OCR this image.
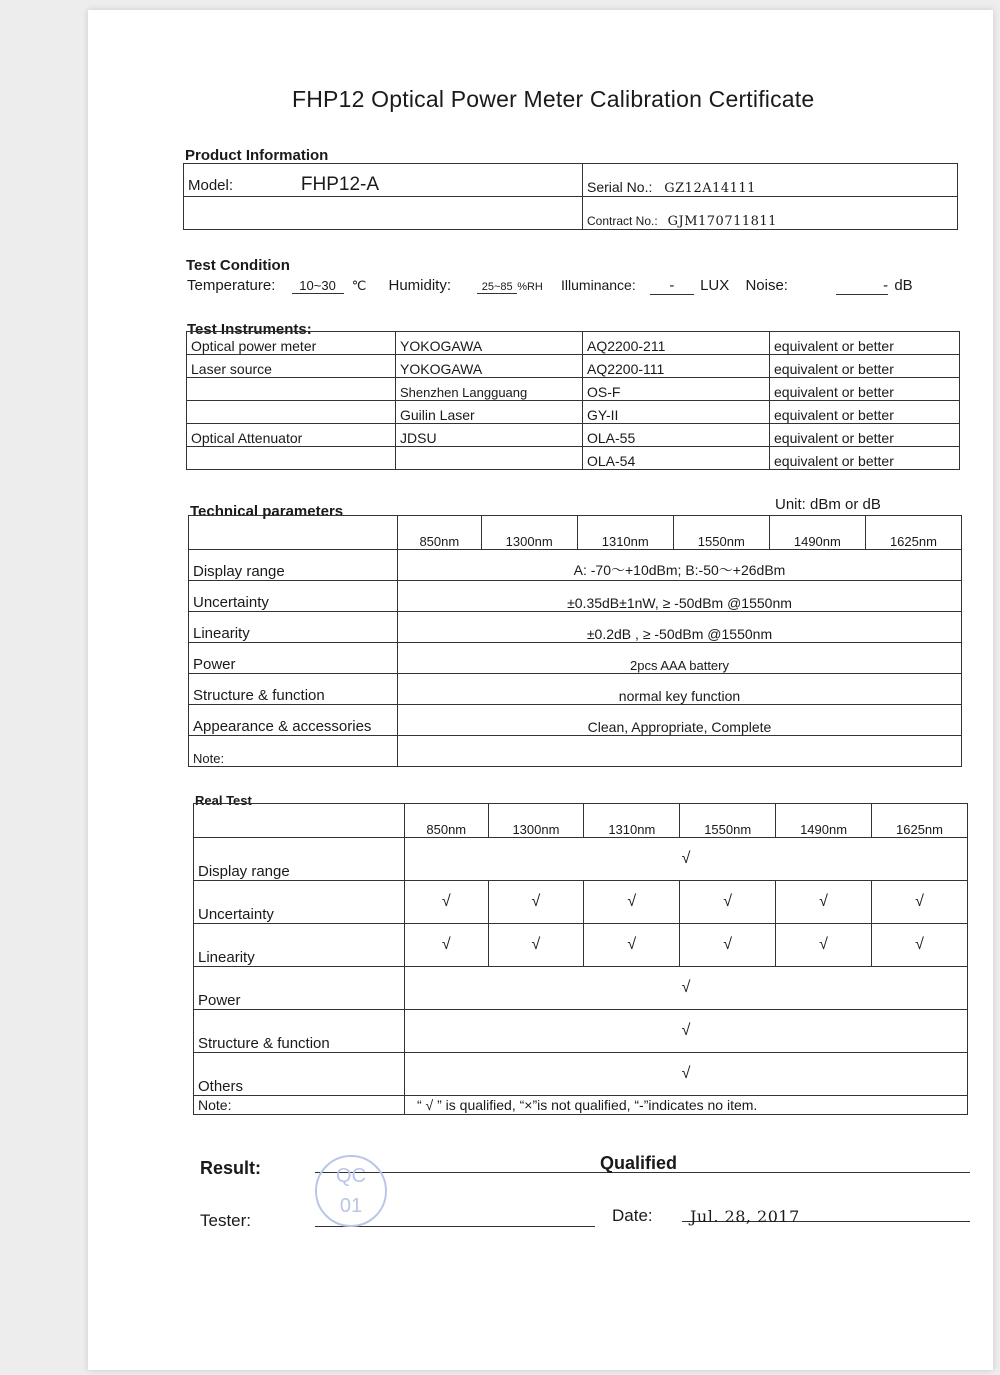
FHP12 Optical Power Meter Calibration Certificate
Product Information
Model: FHP12-A	Serial No.: GZ12A14111
	Contract No.: GJM170711811
Test Condition
Temperature: 10~30 ℃ Humidity:	25~85 %RH Illuminance: - LUX Noise:	- dB
Test Instruments:
Optical power meter	YOKOGAWA	AQ2200-211	equivalent or better
Laser source	YOKOGAWA	AQ2200-111	equivalent or better
	Shenzhen Langguang	OS-F	equivalent or better
	Guilin Laser	GY-II	equivalent or better
Optical Attenuator	JDSU	OLA-55	equivalent or better
		OLA-54	equivalent or better
Technical parameters	Unit: dBm or dB
	850nm	1300nm	1310nm	1550nm	1490nm	1625nm
Display range	A: -70～+10dBm; B:-50～+26dBm					
Uncertainty	±0.35dB±1nW, ≥ -50dBm @1550nm					
Linearity	±0.2dB , ≥ -50dBm @1550nm					
Power	2pcs AAA battery					
Structure & function	normal key function					
Appearance & accessories	Clean, Appropriate, Complete					
Note:						
Real Test
	850nm	1300nm	1310nm	1550nm	1490nm	1625nm
Display range	√					
Uncertainty	√	√	√	√	√	√
Linearity	√	√	√	√	√	√
Power	√					
Structure & function	√					
Others	√					
Note:	“ √ ” is qualified, “×”is not qualified, “-”indicates no item.					
Result:	Qualified
Tester:	Date: Jul. 28, 2017
QC
01
